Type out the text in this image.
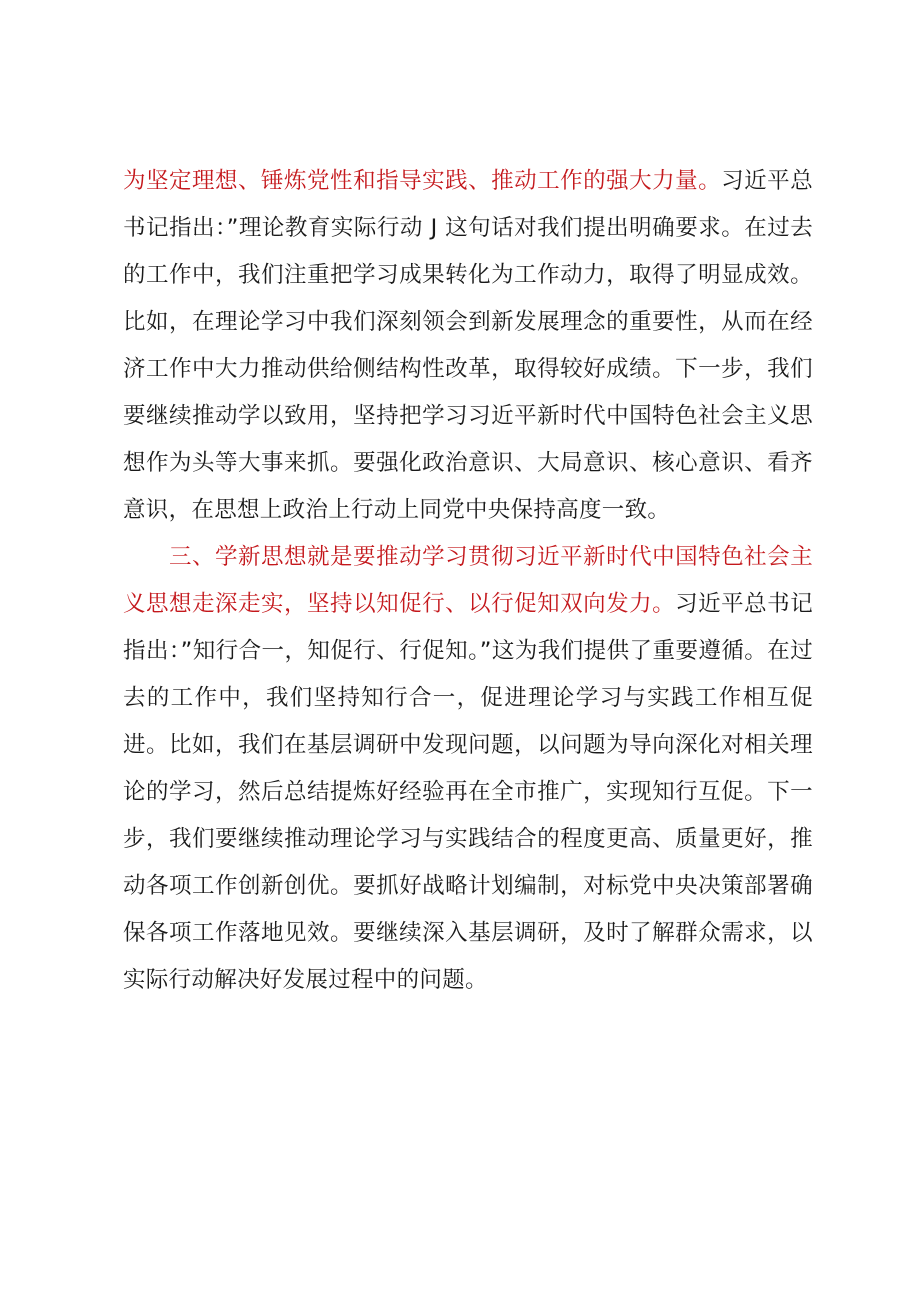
为坚定理想、锤炼党性和指导实践、推动工作的强大力量。习近平总书记指出：”理论教育实际行动 J 这句话对我们提出明确要求。在过去的工作中，我们注重把学习成果转化为工作动力，取得了明显成效。比如，在理论学习中我们深刻领会到新发展理念的重要性，从而在经济工作中大力推动供给侧结构性改革，取得较好成绩。下一步，我们要继续推动学以致用，坚持把学习习近平新时代中国特色社会主义思想作为头等大事来抓。要强化政治意识、大局意识、核心意识、看齐意识，在思想上政治上行动上同党中央保持高度一致。

三、学新思想就是要推动学习贯彻习近平新时代中国特色社会主义思想走深走实，坚持以知促行、以行促知双向发力。习近平总书记指出：”知行合一，知促行、行促知。”这为我们提供了重要遵循。在过去的工作中，我们坚持知行合一，促进理论学习与实践工作相互促进。比如，我们在基层调研中发现问题，以问题为导向深化对相关理论的学习，然后总结提炼好经验再在全市推广，实现知行互促。下一步，我们要继续推动理论学习与实践结合的程度更高、质量更好，推动各项工作创新创优。要抓好战略计划编制，对标党中央决策部署确保各项工作落地见效。要继续深入基层调研，及时了解群众需求，以实际行动解决好发展过程中的问题。
